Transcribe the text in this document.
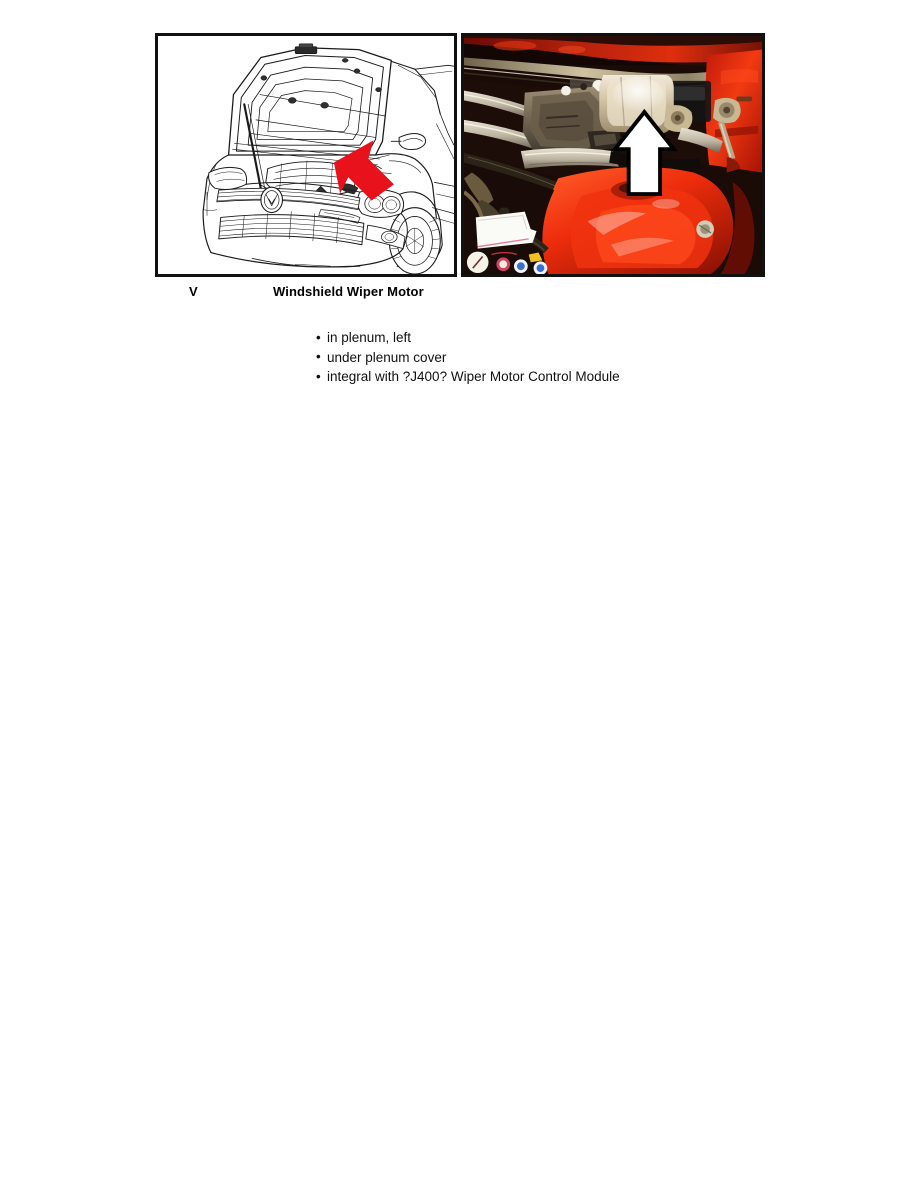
V	Windshield Wiper Motor
• in plenum, left
• under plenum cover
• integral with ?J400? Wiper Motor Control Module
